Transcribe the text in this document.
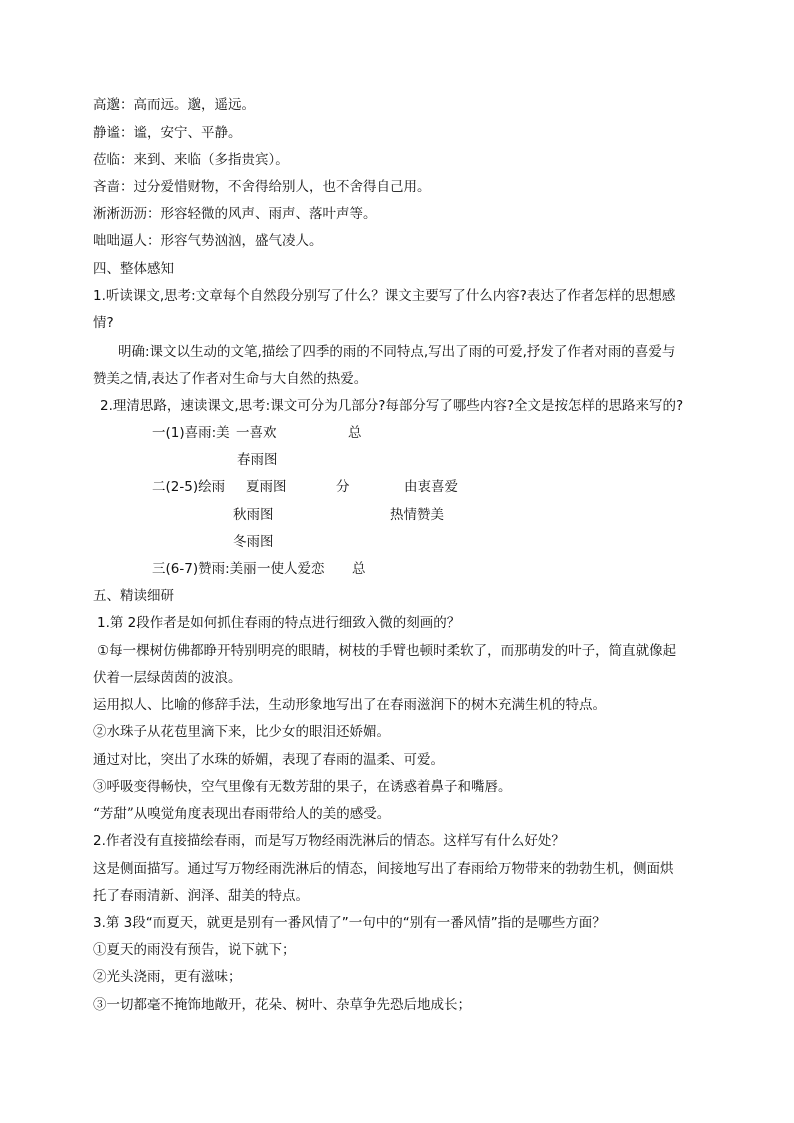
高邈：高而远。邈，遥远。
静谧：谧，安宁、平静。
莅临：来到、来临（多指贵宾）。
吝啬：过分爱惜财物，不舍得给别人，也不舍得自己用。
淅淅沥沥：形容轻微的风声、雨声、落叶声等。
咄咄逼人：形容气势汹汹，盛气凌人。
四、整体感知
1.听读课文,思考:文章每个自然段分别写了什么？课文主要写了什么内容?表达了作者怎样的思想感
情?
明确:课文以生动的文笔,描绘了四季的雨的不同特点,写出了雨的可爱,抒发了作者对雨的喜爱与
赞美之情,表达了作者对生命与大自然的热爱。
2.理清思路，速读课文,思考:课文可分为几部分?每部分写了哪些内容?全文是按怎样的思路来写的?
一(1)喜雨:美 一喜欢	总
春雨图
二(2-5)绘雨 夏雨图	分	由衷喜爱
秋雨图	热情赞美
冬雨图
三(6-7)赞雨:美丽 一使人爱恋 总
五、精读细研
1.第 2段作者是如何抓住春雨的特点进行细致入微的刻画的？
①每一棵树仿佛都睁开特别明亮的眼睛，树枝的手臂也顿时柔软了，而那萌发的叶子，简直就像起
伏着一层绿茵茵的波浪。
运用拟人、比喻的修辞手法，生动形象地写出了在春雨滋润下的树木充满生机的特点。
②水珠子从花苞里滴下来，比少女的眼泪还娇媚。
通过对比，突出了水珠的娇媚，表现了春雨的温柔、可爱。
③呼吸变得畅快，空气里像有无数芳甜的果子，在诱惑着鼻子和嘴唇。
“芳甜”从嗅觉角度表现出春雨带给人的美的感受。
2.作者没有直接描绘春雨，而是写万物经雨洗淋后的情态。这样写有什么好处？
这是侧面描写。通过写万物经雨洗淋后的情态，间接地写出了春雨给万物带来的勃勃生机，侧面烘
托了春雨清新、润泽、甜美的特点。
3.第 3段“而夏天，就更是别有一番风情了”一句中的“别有一番风情”指的是哪些方面？
①夏天的雨没有预告，说下就下；
②光头浇雨，更有滋味；
③一切都毫不掩饰地敞开，花朵、树叶、杂草争先恐后地成长；
